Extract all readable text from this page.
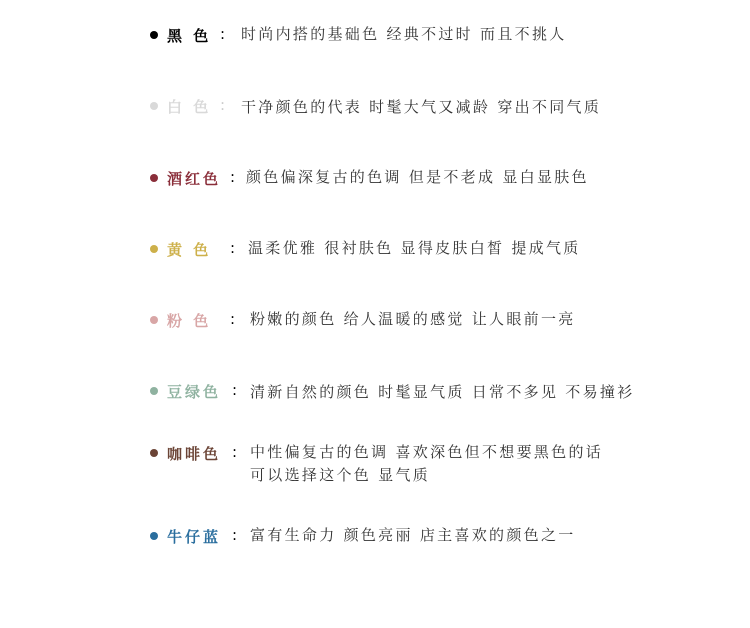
黑 色 : 时尚内搭的基础色 经典不过时 而且不挑人
白 色 : 干净颜色的代表 时髦大气又减龄 穿出不同气质
酒红色 : 颜色偏深复古的色调 但是不老成 显白显肤色
黄 色 : 温柔优雅 很衬肤色 显得皮肤白皙 提成气质
粉 色 : 粉嫩的颜色 给人温暖的感觉 让人眼前一亮
豆绿色 : 清新自然的颜色 时髦显气质 日常不多见 不易撞衫
咖啡色 : 中性偏复古的色调 喜欢深色但不想要黑色的话
可以选择这个色 显气质
牛仔蓝 : 富有生命力 颜色亮丽 店主喜欢的颜色之一
